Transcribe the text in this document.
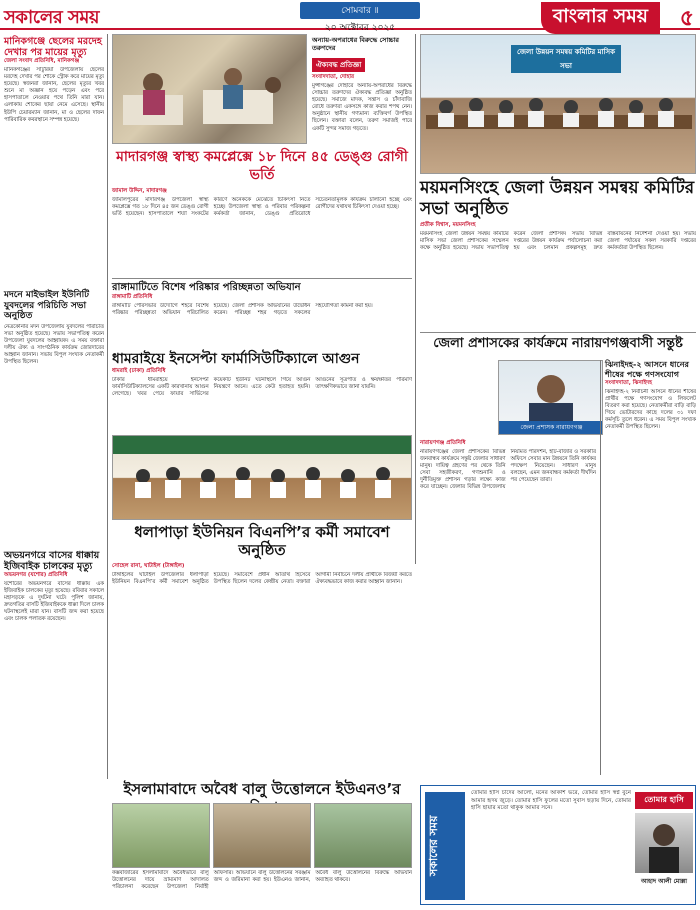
সকালের সময়	সোমবার ॥
২০ অক্টোবর ২০২৫
বাংলার সময়	৫
মানিকগঞ্জে ছেলের মরদেহ দেখার পর মায়ের মৃত্যু
জেলা সংবাদ প্রতিনিধি, মানিকগঞ্জ
মানিকগঞ্জের সাটুরিয়া উপজেলায় ছেলের মরদেহ দেখার পর শোকে স্ট্রোক করে মায়ের মৃত্যু হয়েছে। স্বজনরা জানান, ছেলের মৃত্যুর খবর শুনে মা অজ্ঞান হয়ে পড়েন এবং পরে হাসপাতালে নেওয়ার পথে তিনি মারা যান। এলাকায় শোকের ছায়া নেমে এসেছে। স্থানীয় ইউপি চেয়ারম্যান জানান, মা ও ছেলের দাফন পারিবারিক কবরস্থানে সম্পন্ন হয়েছে।
মদনে মাইভাইল ইউনিটি যুবদলের পরিচিতি সভা অনুষ্ঠিত
নেত্রকোনার মদন উপজেলায় যুবদলের পরিচিতি সভা অনুষ্ঠিত হয়েছে। সভায় সভাপতিত্ব করেন উপজেলা যুবদলের আহ্বায়ক। এ সময় বক্তারা দলীয় ঐক্য ও সাংগঠনিক কার্যক্রম জোরদারের আহ্বান জানান। সভায় বিপুল সংখ্যক নেতাকর্মী উপস্থিত ছিলেন।
অভয়নগরে বাসের ধাক্কায় ইজিবাইক চালকের মৃত্যু
অভয়নগর (যশোর) প্রতিনিধি
যশোরের অভয়নগরে বাসের ধাক্কায় এক ইজিবাইক চালকের মৃত্যু হয়েছে। রবিবার সকালে মহাসড়কে এ দুর্ঘটনা ঘটে। পুলিশ জানায়, দ্রুতগতির বাসটি ইজিবাইককে ধাক্কা দিলে চালক ঘটনাস্থলেই মারা যান। বাসটি জব্দ করা হয়েছে এবং চালক পলাতক রয়েছেন।
অন্যায়-অপরাধের বিরুদ্ধে সোচ্চার তরুণদের
ঐক্যবদ্ধ প্রতিজ্ঞা
সংবাদদাতা, দোহার
মুন্সীগঞ্জের দোহারে অন্যায়-অপরাধের বিরুদ্ধে সোচ্চার তরুণদের ঐক্যবদ্ধ প্রতিজ্ঞা অনুষ্ঠিত হয়েছে। সমাজে মাদক, সন্ত্রাস ও চাঁদাবাজি রোধে তরুণরা একসঙ্গে কাজ করার শপথ নেন। অনুষ্ঠানে স্থানীয় গণ্যমান্য ব্যক্তিবর্গ উপস্থিত ছিলেন। বক্তারা বলেন, তরুণ সমাজই পারে একটি সুন্দর সমাজ গড়তে।
জেলা উন্নয়ন সমন্বয় কমিটির মাসিক সভা
ময়মনসিংহে জেলা উন্নয়ন সমন্বয় কমিটির সভা অনুষ্ঠিত
মাদারগঞ্জ স্বাস্থ্য কমপ্লেক্সে ১৮ দিনে ৪৫ ডেঙ্গু রোগী ভর্তি
জামাল উদ্দিন, মাদারগঞ্জ
জামালপুরের মাদারগঞ্জ উপজেলা স্বাস্থ্য কমপ্লেক্সে গত ১৮ দিনে ৪৫ জন ডেঙ্গু রোগী ভর্তি হয়েছেন। হাসপাতালে শয্যা সংকটের কারণে অনেককে মেঝেতে চিকিৎসা নিতে হচ্ছে। উপজেলা স্বাস্থ্য ও পরিবার পরিকল্পনা কর্মকর্তা জানান, ডেঙ্গু প্রতিরোধে সচেতনতামূলক কার্যক্রম চালানো হচ্ছে এবং রোগীদের যথাযথ চিকিৎসা দেওয়া হচ্ছে।
রাঙ্গামাটিতে বিশেষ পরিষ্কার পরিচ্ছন্নতা অভিযান
রাঙ্গামাটি প্রতিনিধি
রাঙ্গামাটি পৌরসভার উদ্যোগে শহরে বিশেষ পরিষ্কার পরিচ্ছন্নতা অভিযান পরিচালিত হয়েছে। জেলা প্রশাসক অভিযানের উদ্বোধন করেন। পরিচ্ছন্ন শহর গড়তে সকলের সহযোগিতা কামনা করা হয়।
ধামরাইয়ে ইনসেপ্টা ফার্মাসিউটিক্যালে আগুন
ধামরাই (ঢাকা) প্রতিনিধি
ঢাকার ধামরাইয়ে ইনসেপ্টা ফার্মাসিউটিক্যালসের একটি কারখানায় আগুন লেগেছে। খবর পেয়ে ফায়ার সার্ভিসের কয়েকটি ইউনিট ঘটনাস্থলে গিয়ে আগুন নিয়ন্ত্রণে আনে। এতে কেউ হতাহত হয়নি। আগুনের সূত্রপাত ও ক্ষয়ক্ষতির পরিমাণ তাৎক্ষণিকভাবে জানা যায়নি।
ধলাপাড়া ইউনিয়ন বিএনপি’র কর্মী সমাবেশ অনুষ্ঠিত
সোহেল রানা, ঘাটাইল (টাঙ্গাইল)
টাঙ্গাইলের ঘাটাইল উপজেলার ধলাপাড়া ইউনিয়ন বিএনপি’র কর্মী সমাবেশ অনুষ্ঠিত হয়েছে। সমাবেশে প্রধান অতিথি হিসেবে উপস্থিত ছিলেন দলের কেন্দ্রীয় নেতা। বক্তারা আগামী নির্বাচনে দলীয় প্রার্থীকে বিজয়ী করতে ঐক্যবদ্ধভাবে কাজ করার আহ্বান জানান।
প্রতীক বিশ্বাস, ময়মনসিংহ
ময়মনসিংহ জেলা উন্নয়ন সমন্বয় কমিটির মাসিক সভা জেলা প্রশাসকের সম্মেলন কক্ষে অনুষ্ঠিত হয়েছে। সভায় সভাপতিত্ব করেন জেলা প্রশাসক। সভায় বিভিন্ন দপ্তরের উন্নয়ন কার্যক্রম পর্যালোচনা করা হয় এবং চলমান প্রকল্পসমূহ দ্রুত বাস্তবায়নের নির্দেশনা দেওয়া হয়। সভায় জেলা পর্যায়ের সকল সরকারি দপ্তরের কর্মকর্তারা উপস্থিত ছিলেন।
জেলা প্রশাসকের কার্যক্রমে নারায়ণগঞ্জবাসী সন্তুষ্ট
জেলা প্রশাসক নারায়ণগঞ্জ
নারায়ণগঞ্জ প্রতিনিধি
নারায়ণগঞ্জের জেলা প্রশাসকের বিভিন্ন জনবান্ধব কার্যক্রমে সন্তুষ্ট জেলার সাধারণ মানুষ। দায়িত্ব গ্রহণের পর থেকে তিনি সেবা সহজীকরণ, গণশুনানি ও দুর্নীতিমুক্ত প্রশাসন গড়ার লক্ষ্যে কাজ করে যাচ্ছেন। জেলার বিভিন্ন উপজেলায় নিয়মিত পরিদর্শন, হাট-বাজার ও সরকারি অফিসে সেবার মান উন্নয়নে তিনি কার্যকর পদক্ষেপ নিয়েছেন। সাধারণ মানুষ বলছেন, এমন জনবান্ধব কর্মকর্তা দীর্ঘদিন পর পেয়েছেন তারা।
ঝিনাইদহ-২ আসনে ধানের শীষের পক্ষে গণসংযোগ
সংবাদদাতা, ঝিনাইদহ
ঝিনাইদহ-২ নির্বাচনী আসনে ধানের শীষের প্রার্থীর পক্ষে গণসংযোগ ও লিফলেট বিতরণ করা হয়েছে। নেতাকর্মীরা বাড়ি বাড়ি গিয়ে ভোটারদের কাছে দলের ৩১ দফা কর্মসূচি তুলে ধরেন। এ সময় বিপুল সংখ্যক নেতাকর্মী উপস্থিত ছিলেন।
ইসলামাবাদে অবৈধ বালু উত্তোলনে ইউএনও’র
কক্সবাজারের ইসলামাবাদে অবৈধভাবে বালু উত্তোলনের দায়ে ভ্রাম্যমাণ আদালত পরিচালনা করেছেন উপজেলা নির্বাহী অফিসার। অভিযানে বালু উত্তোলনের সরঞ্জাম জব্দ ও জরিমানা করা হয়। ইউএনও জানান, অবৈধ বালু উত্তোলনের বিরুদ্ধে অভিযান অব্যাহত থাকবে।
সকালের সময়
তোমার হাসি চাঁদের আলো, মনের আকাশ ভরে, তোমার হাসি স্বপ্ন বুনে আমার হৃদয় জুড়ে। তোমার হাসি ফুলের মতো সুবাস ছড়ায় দিনে, তোমার হাসি ছায়ার মতো থাকুক আমার সনে।
তোমার হাসি
আহাদ আলী মোল্লা
